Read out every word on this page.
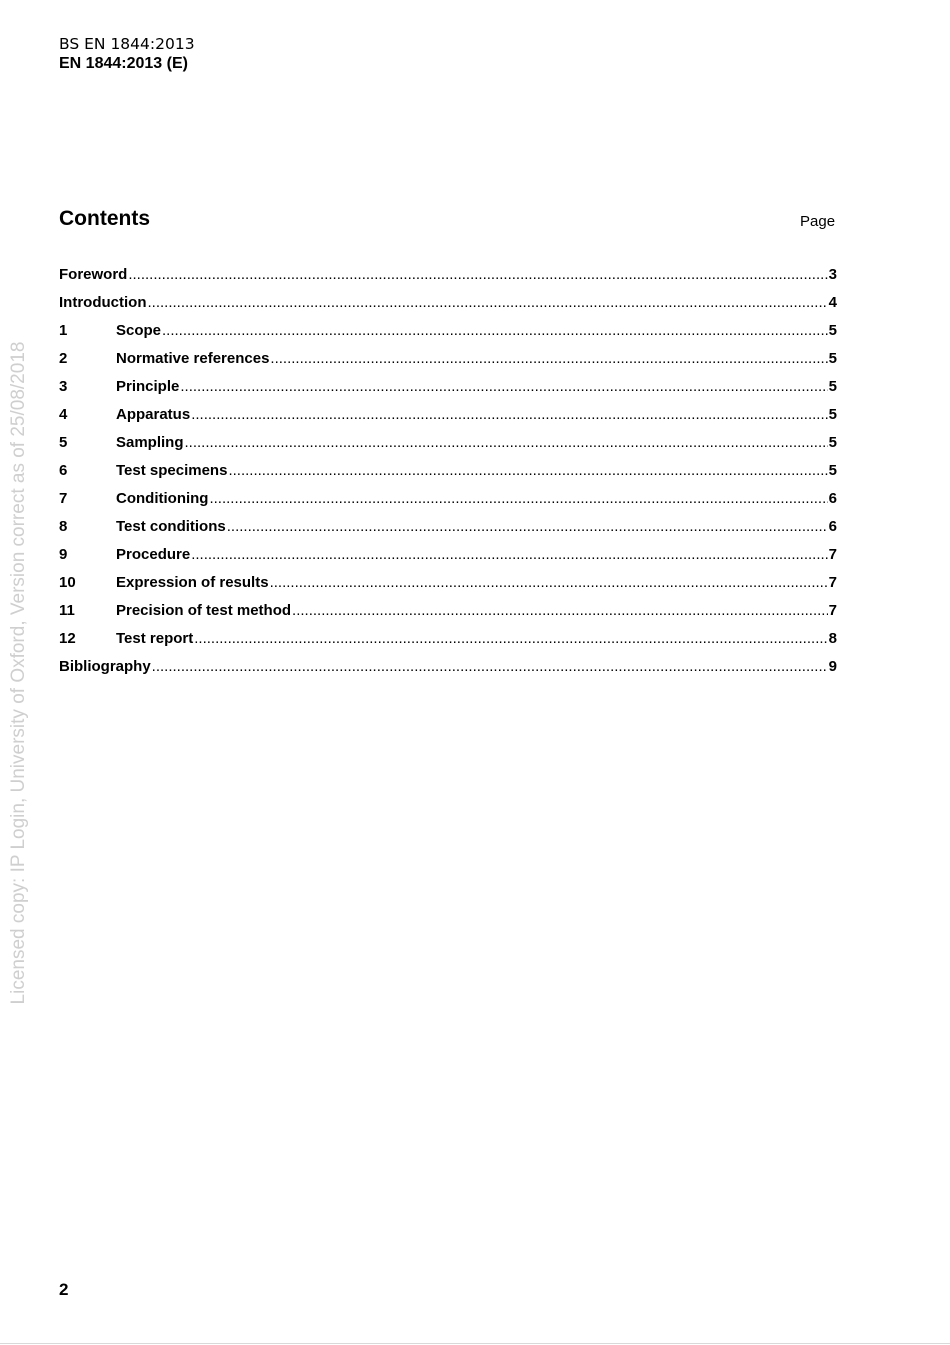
BS EN 1844:2013
EN 1844:2013 (E)
Contents	Page
Foreword .....	3
Introduction .....	4
1	Scope .....	5
2	Normative references .....	5
3	Principle .....	5
4	Apparatus .....	5
5	Sampling .....	5
6	Test specimens .....	5
7	Conditioning .....	6
8	Test conditions .....	6
9	Procedure .....	7
10	Expression of results .....	7
11	Precision of test method .....	7
12	Test report .....	8
Bibliography .....	9
Licensed copy: IP Login, University of Oxford, Version correct as of 25/08/2018
2
